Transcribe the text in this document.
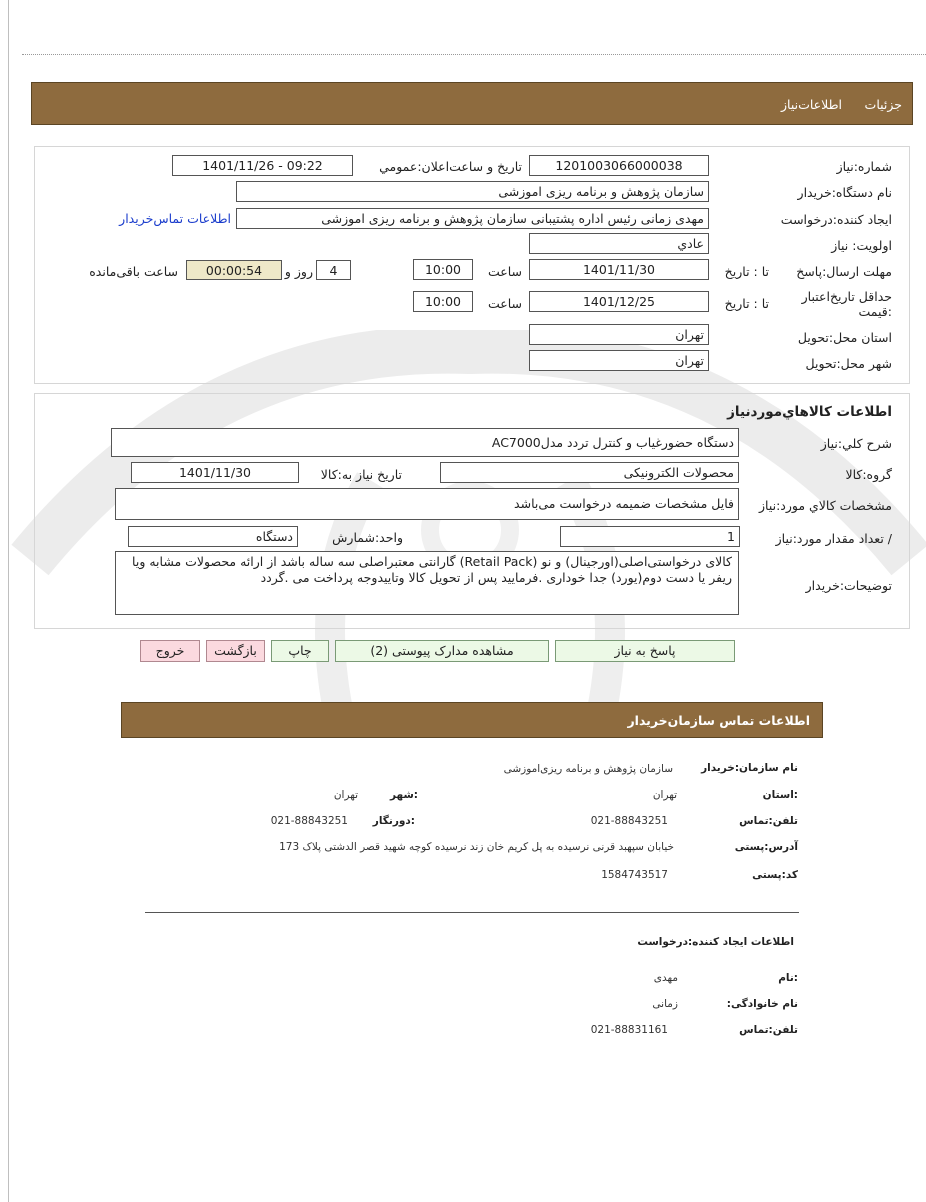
جزئیات
اطلاعات‌نیاز
شماره:نیاز
1201003066000038
تاريخ و ساعت‌اعلان:عمومي
1401/11/26 - 09:22
نام دستگاه:خریدار
سازمان پژوهش و برنامه ریزی اموزشی
ایجاد کننده:درخواست
مهدی زمانی رئیس اداره پشتیبانی سازمان پژوهش و برنامه ریزی اموزشی
اطلاعات تماس‌خریدار
اولويت: نياز
عادي
مهلت ارسال:پاسخ
تا : تاريخ
1401/11/30
ساعت
10:00
4
روز و
00:00:54
ساعت باقی‌مانده
حداقل تاريخ‌اعتبار :قيمت
تا : تاريخ
1401/12/25
ساعت
10:00
استان محل:تحویل
تهران
شهر محل:تحویل
تهران
اطلاعات كالاهاي‌موردنياز
شرح كلي:نياز
دستگاه حضورغیاب و کنترل تردد مدلAC7000
گروه:كالا
محصولات الکترونیکی
تاريخ نياز به:كالا
1401/11/30
مشخصات كالاي مورد:نياز
فایل مشخصات ضمیمه درخواست می‌باشد
/ تعداد مقدار مورد:نياز
1
واحد:شمارش
دستگاه
توضیحات:خریدار
کالای درخواستی‌اصلی(اورجینال) و نو (Retail Pack) گارانتی معتبراصلی سه ساله باشد از ارائه محصولات مشابه ویا ریفر یا دست دوم(یورد) جدا خوداری .فرمایید پس از تحویل کالا وتاییدوجه پرداخت می .گردد
پاسخ به نياز
مشاهده مدارک پیوستی (2)
چاپ
بازگشت
خروج
اطلاعات تماس سازمان‌خریدار
نام سازمان:خریدار
سازمان پژوهش و برنامه ریزی‌اموزشی
:استان
تهران
:شهر
تهران
تلفن:تماس
021-88843251
:دورنگار
021-88843251
آدرس:پستی
خیابان سپهبد قرنی نرسیده به پل کریم خان زند نرسیده کوچه شهید قصر الدشتی پلاک 173
کد:پستی
1584743517
اطلاعات ایجاد کننده:درخواست
:نام
مهدی
نام خانوادگی:
زمانی
تلفن:تماس
021-88831161
